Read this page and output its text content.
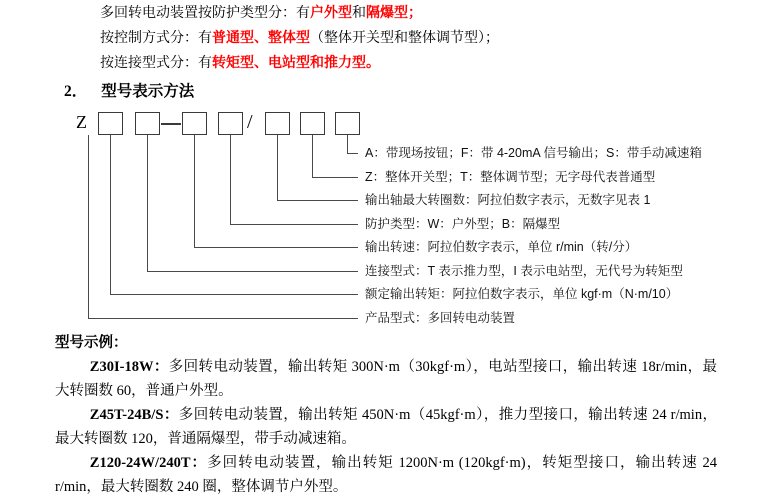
多回转电动装置按防护类型分：有户外型和隔爆型；

按控制方式分：有普通型、整体型（整体开关型和整体调节型）；

按连接型式分：有转矩型、电站型和推力型。

2． 型号表示方法
Z	/
A：带现场按钮；F：带 4-20mA 信号输出；S：带手动减速箱
Z：整体开关型；T：整体调节型；无字母代表普通型
输出轴最大转圈数：阿拉伯数字表示，无数字见表 1
防护类型：W：户外型；B：隔爆型
输出转速：阿拉伯数字表示，单位 r/min（转/分）
连接型式：T 表示推力型，I 表示电站型，无代号为转矩型
额定输出转矩：阿拉伯数字表示，单位 kgf·m（N·m/10）
产品型式：多回转电动装置

型号示例：

Z30I-18W：多回转电动装置，输出转矩 300N·m（30kgf·m），电站型接口，输出转速 18r/min，最大转圈数 60，普通户外型。

Z45T-24B/S：多回转电动装置，输出转矩 450N·m（45kgf·m），推力型接口，输出转速 24 r/min，最大转圈数 120，普通隔爆型，带手动减速箱。

Z120-24W/240T：多回转电动装置，输出转矩 1200N·m (120kgf·m)，转矩型接口，输出转速 24 r/min，最大转圈数 240 圈，整体调节户外型。
